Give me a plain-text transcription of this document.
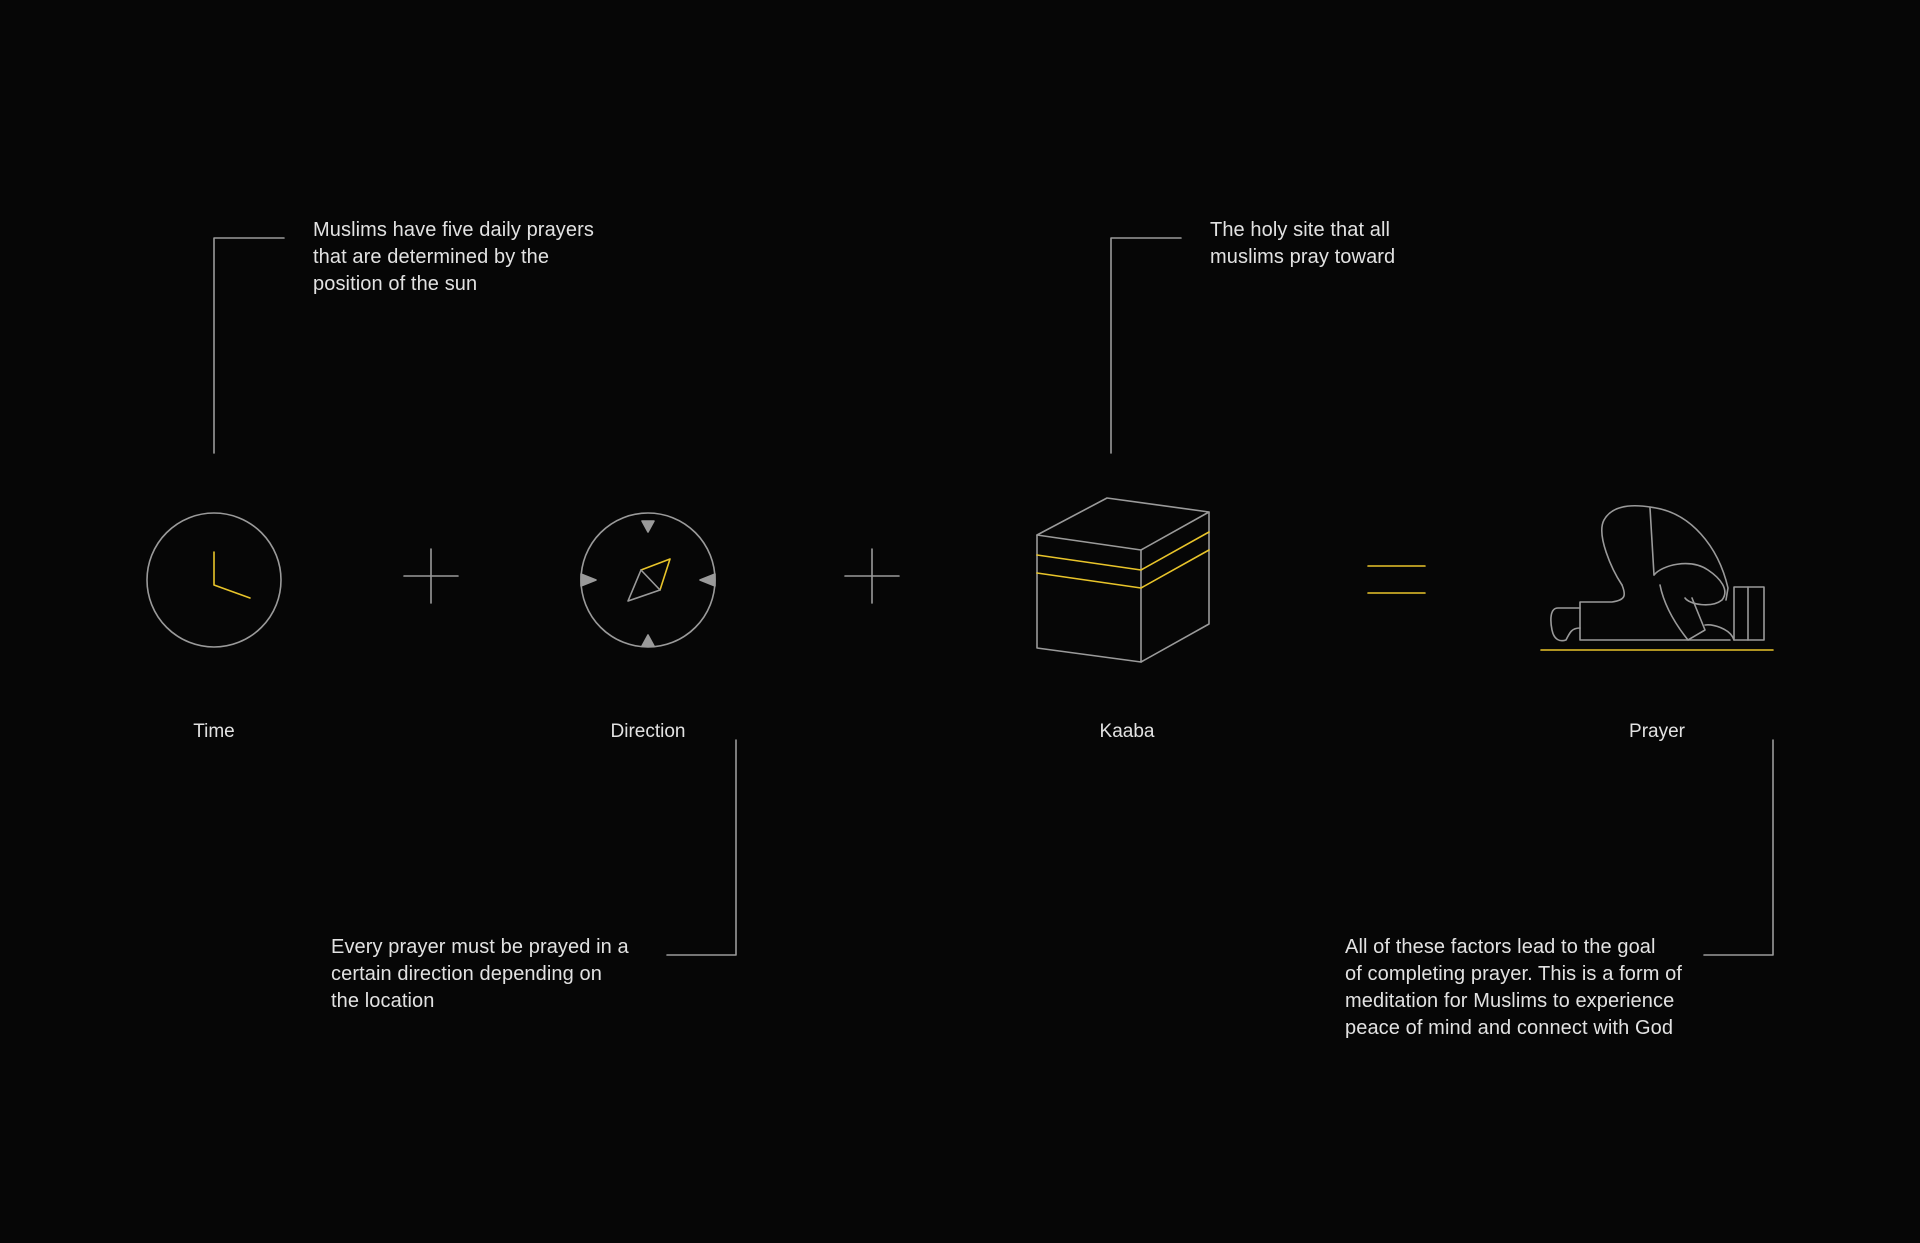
Time	Direction	Kaaba	Prayer
Muslims have five daily prayers
that are determined by the
position of the sun
The holy site that all
muslims pray toward
Every prayer must be prayed in a
certain direction depending on
the location
All of these factors lead to the goal
of completing prayer. This is a form of
meditation for Muslims to experience
peace of mind and connect with God
